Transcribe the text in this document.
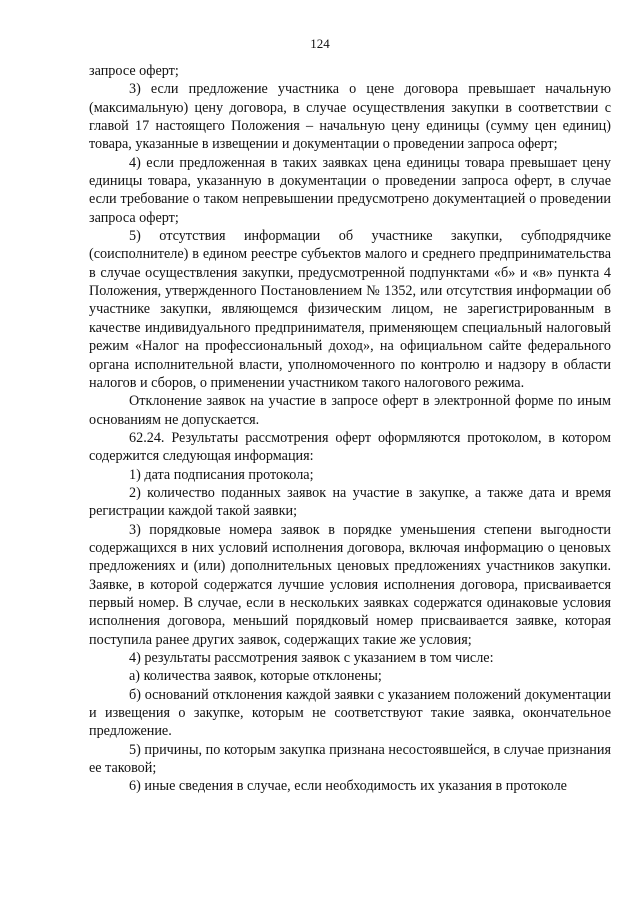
124

запросе оферт;

3) если предложение участника о цене договора превышает начальную (максимальную) цену договора, в случае осуществления закупки в соответствии с главой 17 настоящего Положения – начальную цену единицы (сумму цен единиц) товара, указанные в извещении и документации о проведении запроса оферт;

4) если предложенная в таких заявках цена единицы товара превышает цену единицы товара, указанную в документации о проведении запроса оферт, в случае если требование о таком непревышении предусмотрено документацией о проведении запроса оферт;

5) отсутствия информации об участнике закупки, субподрядчике (соисполнителе) в едином реестре субъектов малого и среднего предпринимательства в случае осуществления закупки, предусмотренной подпунктами «б» и «в» пункта 4 Положения, утвержденного Постановлением № 1352, или отсутствия информации об участнике закупки, являющемся физическим лицом, не зарегистрированным в качестве индивидуального предпринимателя, применяющем специальный налоговый режим «Налог на профессиональный доход», на официальном сайте федерального органа исполнительной власти, уполномоченного по контролю и надзору в области налогов и сборов, о применении участником такого налогового режима.

Отклонение заявок на участие в запросе оферт в электронной форме по иным основаниям не допускается.

62.24. Результаты рассмотрения оферт оформляются протоколом, в котором содержится следующая информация:

1) дата подписания протокола;

2) количество поданных заявок на участие в закупке, а также дата и время регистрации каждой такой заявки;

3) порядковые номера заявок в порядке уменьшения степени выгодности содержащихся в них условий исполнения договора, включая информацию о ценовых предложениях и (или) дополнительных ценовых предложениях участников закупки. Заявке, в которой содержатся лучшие условия исполнения договора, присваивается первый номер. В случае, если в нескольких заявках содержатся одинаковые условия исполнения договора, меньший порядковый номер присваивается заявке, которая поступила ранее других заявок, содержащих такие же условия;

4) результаты рассмотрения заявок с указанием в том числе:

а) количества заявок, которые отклонены;

б) оснований отклонения каждой заявки с указанием положений документации и извещения о закупке, которым не соответствуют такие заявка, окончательное предложение.

5) причины, по которым закупка признана несостоявшейся, в случае признания ее таковой;

6) иные сведения в случае, если необходимость их указания в протоколе
